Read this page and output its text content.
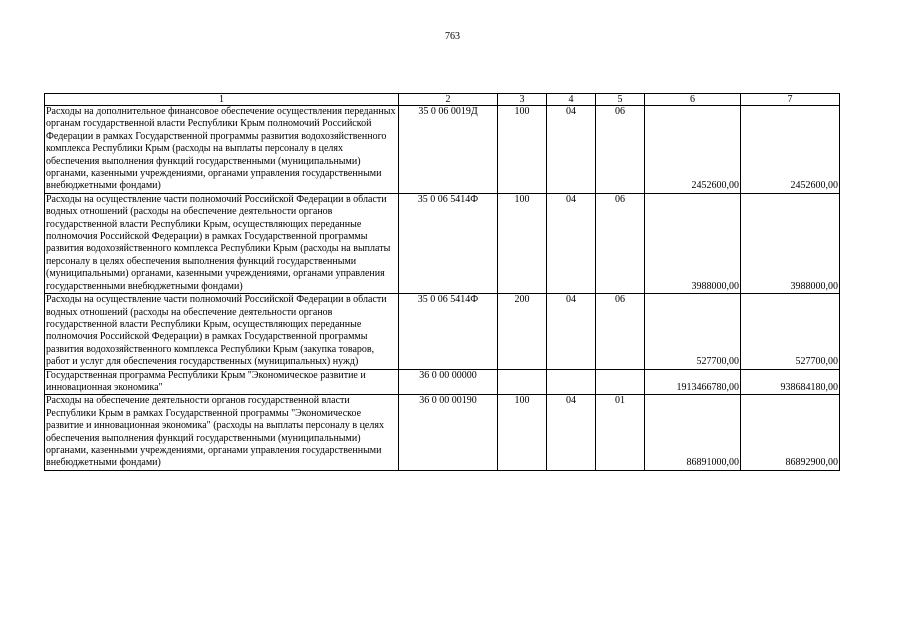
763
1	2	3	4	5	6	7
Расходы на дополнительное финансовое обеспечение осуществления переданных органам государственной власти Республики Крым полномочий Российской Федерации в рамках Государственной программы развития водохозяйственного комплекса Республики Крым (расходы на выплаты персоналу в целях обеспечения выполнения функций государственными (муниципальными) органами, казенными учреждениями, органами управления государственными внебюджетными фондами)	35 0 06 0019Д	100	04	06	2452600,00	2452600,00
Расходы на осуществление части полномочий Российской Федерации в области водных отношений (расходы на обеспечение деятельности органов государственной власти Республики Крым, осуществляющих переданные полномочия Российской Федерации) в рамках Государственной программы развития водохозяйственного комплекса Республики Крым (расходы на выплаты персоналу в целях обеспечения выполнения функций государственными (муниципальными) органами, казенными учреждениями, органами управления государственными внебюджетными фондами)	35 0 06 5414Ф	100	04	06	3988000,00	3988000,00
Расходы на осуществление части полномочий Российской Федерации в области водных отношений (расходы на обеспечение деятельности органов государственной власти Республики Крым, осуществляющих переданные полномочия Российской Федерации) в рамках Государственной программы развития водохозяйственного комплекса Республики Крым (закупка товаров, работ и услуг для обеспечения государственных (муниципальных) нужд)	35 0 06 5414Ф	200	04	06	527700,00	527700,00
Государственная программа Республики Крым "Экономическое развитие и инновационная экономика"	36 0 00 00000				1913466780,00	938684180,00
Расходы на обеспечение деятельности органов государственной власти Республики Крым в рамках Государственной программы "Экономическое развитие и инновационная экономика" (расходы на выплаты персоналу в целях обеспечения выполнения функций государственными (муниципальными) органами, казенными учреждениями, органами управления государственными внебюджетными фондами)	36 0 00 00190	100	04	01	86891000,00	86892900,00
